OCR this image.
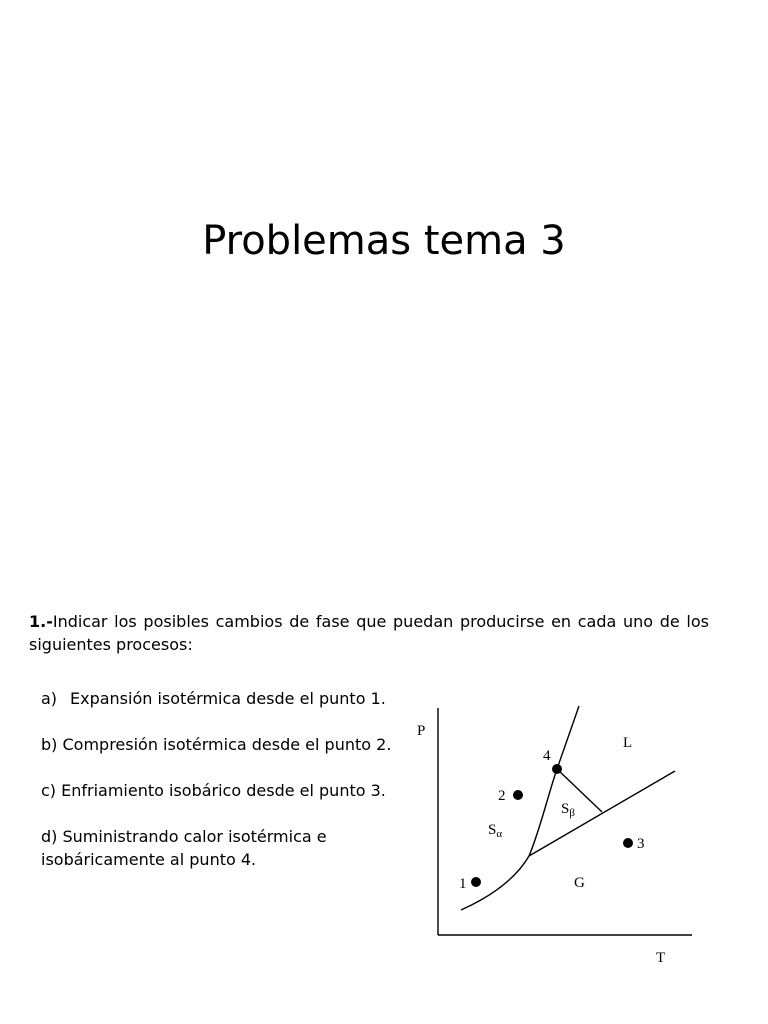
Problemas tema 3

1.-Indicar los posibles cambios de fase que puedan producirse en cada uno de los siguientes procesos:

a) Expansión isotérmica desde el punto 1.

b) Compresión isotérmica desde el punto 2.

c) Enfriamiento isobárico desde el punto 3.

d) Suministrando calor isotérmica e isobáricamente al punto 4.

P
T
L
G
$S_\alpha$
$S_\beta$
4
2
3
1
